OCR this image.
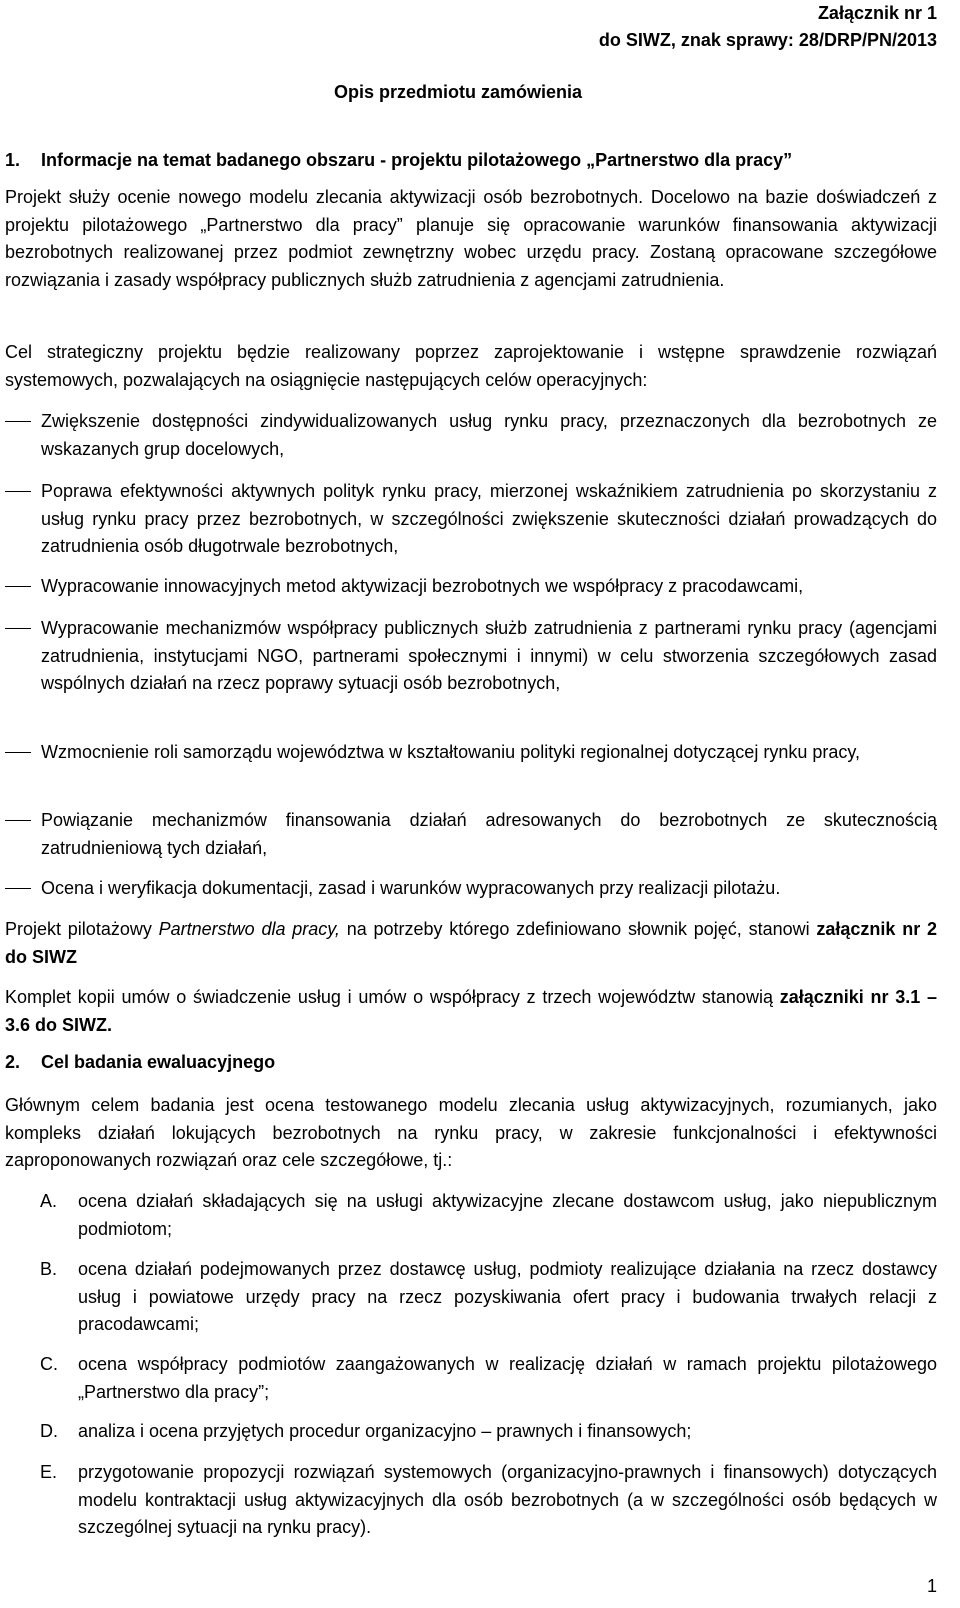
Załącznik nr 1
do SIWZ, znak sprawy: 28/DRP/PN/2013
Opis przedmiotu zamówienia
1. Informacje na temat badanego obszaru - projektu pilotażowego „Partnerstwo dla pracy”

Projekt służy ocenie nowego modelu zlecania aktywizacji osób bezrobotnych. Docelowo na bazie doświadczeń z projektu pilotażowego „Partnerstwo dla pracy” planuje się opracowanie warunków finansowania aktywizacji bezrobotnych realizowanej przez podmiot zewnętrzny wobec urzędu pracy. Zostaną opracowane szczegółowe rozwiązania i zasady współpracy publicznych służb zatrudnienia z agencjami zatrudnienia.

Cel strategiczny projektu będzie realizowany poprzez zaprojektowanie i wstępne sprawdzenie rozwiązań systemowych, pozwalających na osiągnięcie następujących celów operacyjnych:

Zwiększenie dostępności zindywidualizowanych usług rynku pracy, przeznaczonych dla bezrobotnych ze wskazanych grup docelowych,
Poprawa efektywności aktywnych polityk rynku pracy, mierzonej wskaźnikiem zatrudnienia po skorzystaniu z usług rynku pracy przez bezrobotnych, w szczególności zwiększenie skuteczności działań prowadzących do zatrudnienia osób długotrwale bezrobotnych,
Wypracowanie innowacyjnych metod aktywizacji bezrobotnych we współpracy z pracodawcami,
Wypracowanie mechanizmów współpracy publicznych służb zatrudnienia z partnerami rynku pracy (agencjami zatrudnienia, instytucjami NGO, partnerami społecznymi i innymi) w celu stworzenia szczegółowych zasad wspólnych działań na rzecz poprawy sytuacji osób bezrobotnych,
Wzmocnienie roli samorządu województwa w kształtowaniu polityki regionalnej dotyczącej rynku pracy,
Powiązanie mechanizmów finansowania działań adresowanych do bezrobotnych ze skutecznością zatrudnieniową tych działań,
Ocena i weryfikacja dokumentacji, zasad i warunków wypracowanych przy realizacji pilotażu.

Projekt pilotażowy Partnerstwo dla pracy, na potrzeby którego zdefiniowano słownik pojęć, stanowi załącznik nr 2 do SIWZ

Komplet kopii umów o świadczenie usług i umów o współpracy z trzech województw stanowią załączniki nr 3.1 – 3.6 do SIWZ.

2. Cel badania ewaluacyjnego

Głównym celem badania jest ocena testowanego modelu zlecania usług aktywizacyjnych, rozumianych, jako kompleks działań lokujących bezrobotnych na rynku pracy, w zakresie funkcjonalności i efektywności zaproponowanych rozwiązań oraz cele szczegółowe, tj.:

A. ocena działań składających się na usługi aktywizacyjne zlecane dostawcom usług, jako niepublicznym podmiotom;
B. ocena działań podejmowanych przez dostawcę usług, podmioty realizujące działania na rzecz dostawcy usług i powiatowe urzędy pracy na rzecz pozyskiwania ofert pracy i budowania trwałych relacji z pracodawcami;
C. ocena współpracy podmiotów zaangażowanych w realizację działań w ramach projektu pilotażowego „Partnerstwo dla pracy”;
D. analiza i ocena przyjętych procedur organizacyjno – prawnych i finansowych;
E. przygotowanie propozycji rozwiązań systemowych (organizacyjno-prawnych i finansowych) dotyczących modelu kontraktacji usług aktywizacyjnych dla osób bezrobotnych (a w szczególności osób będących w szczególnej sytuacji na rynku pracy).
1
